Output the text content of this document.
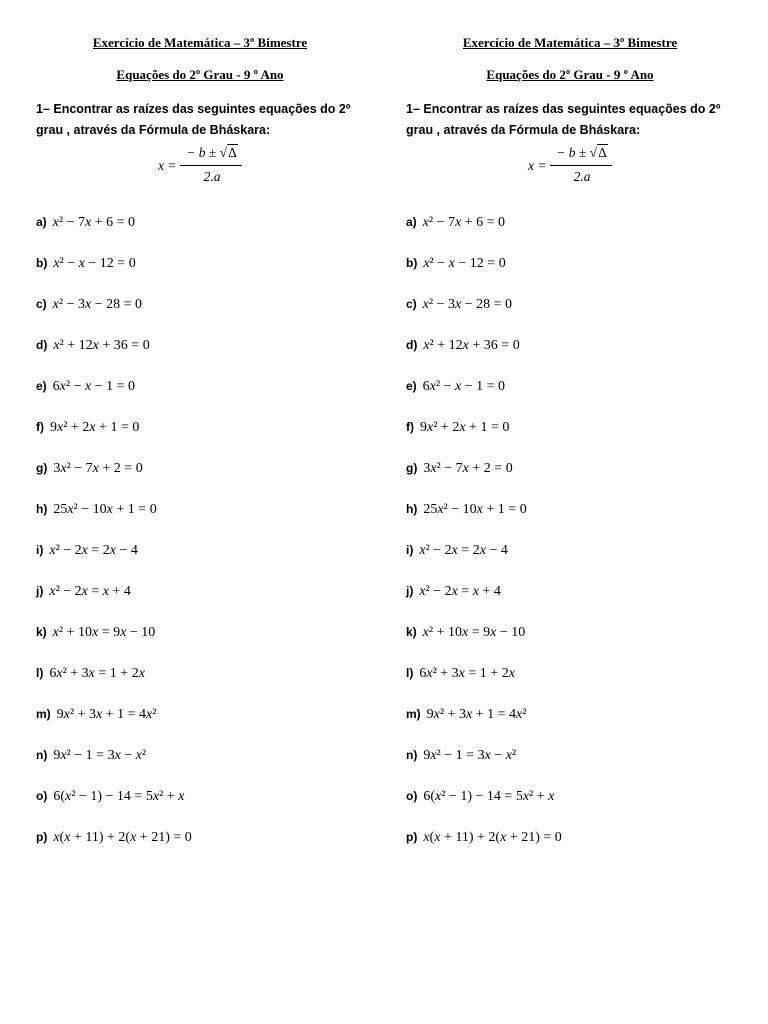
Exercício de Matemática – 3º Bimestre
Equações do 2º Grau - 9 º Ano
1– Encontrar as raízes das seguintes equações do 2º grau , através da Fórmula de Bháskara:
x =
− b ± √Δ
2.a
a) x² − 7x + 6 = 0
b) x² − x − 12 = 0
c) x² − 3x − 28 = 0
d) x² + 12x + 36 = 0
e) 6x² − x − 1 = 0
f) 9x² + 2x + 1 = 0
g) 3x² − 7x + 2 = 0
h) 25x² − 10x + 1 = 0
i) x² − 2x = 2x − 4
j) x² − 2x = x + 4
k) x² + 10x = 9x − 10
l) 6x² + 3x = 1 + 2x
m) 9x² + 3x + 1 = 4x²
n) 9x² − 1 = 3x − x²
o) 6(x² − 1) − 14 = 5x² + x
p) x(x + 11) + 2(x + 21) = 0
Exercício de Matemática – 3º Bimestre
Equações do 2º Grau - 9 º Ano
1– Encontrar as raízes das seguintes equações do 2º grau , através da Fórmula de Bháskara:
x =
− b ± √Δ
2.a
a) x² − 7x + 6 = 0
b) x² − x − 12 = 0
c) x² − 3x − 28 = 0
d) x² + 12x + 36 = 0
e) 6x² − x − 1 = 0
f) 9x² + 2x + 1 = 0
g) 3x² − 7x + 2 = 0
h) 25x² − 10x + 1 = 0
i) x² − 2x = 2x − 4
j) x² − 2x = x + 4
k) x² + 10x = 9x − 10
l) 6x² + 3x = 1 + 2x
m) 9x² + 3x + 1 = 4x²
n) 9x² − 1 = 3x − x²
o) 6(x² − 1) − 14 = 5x² + x
p) x(x + 11) + 2(x + 21) = 0
